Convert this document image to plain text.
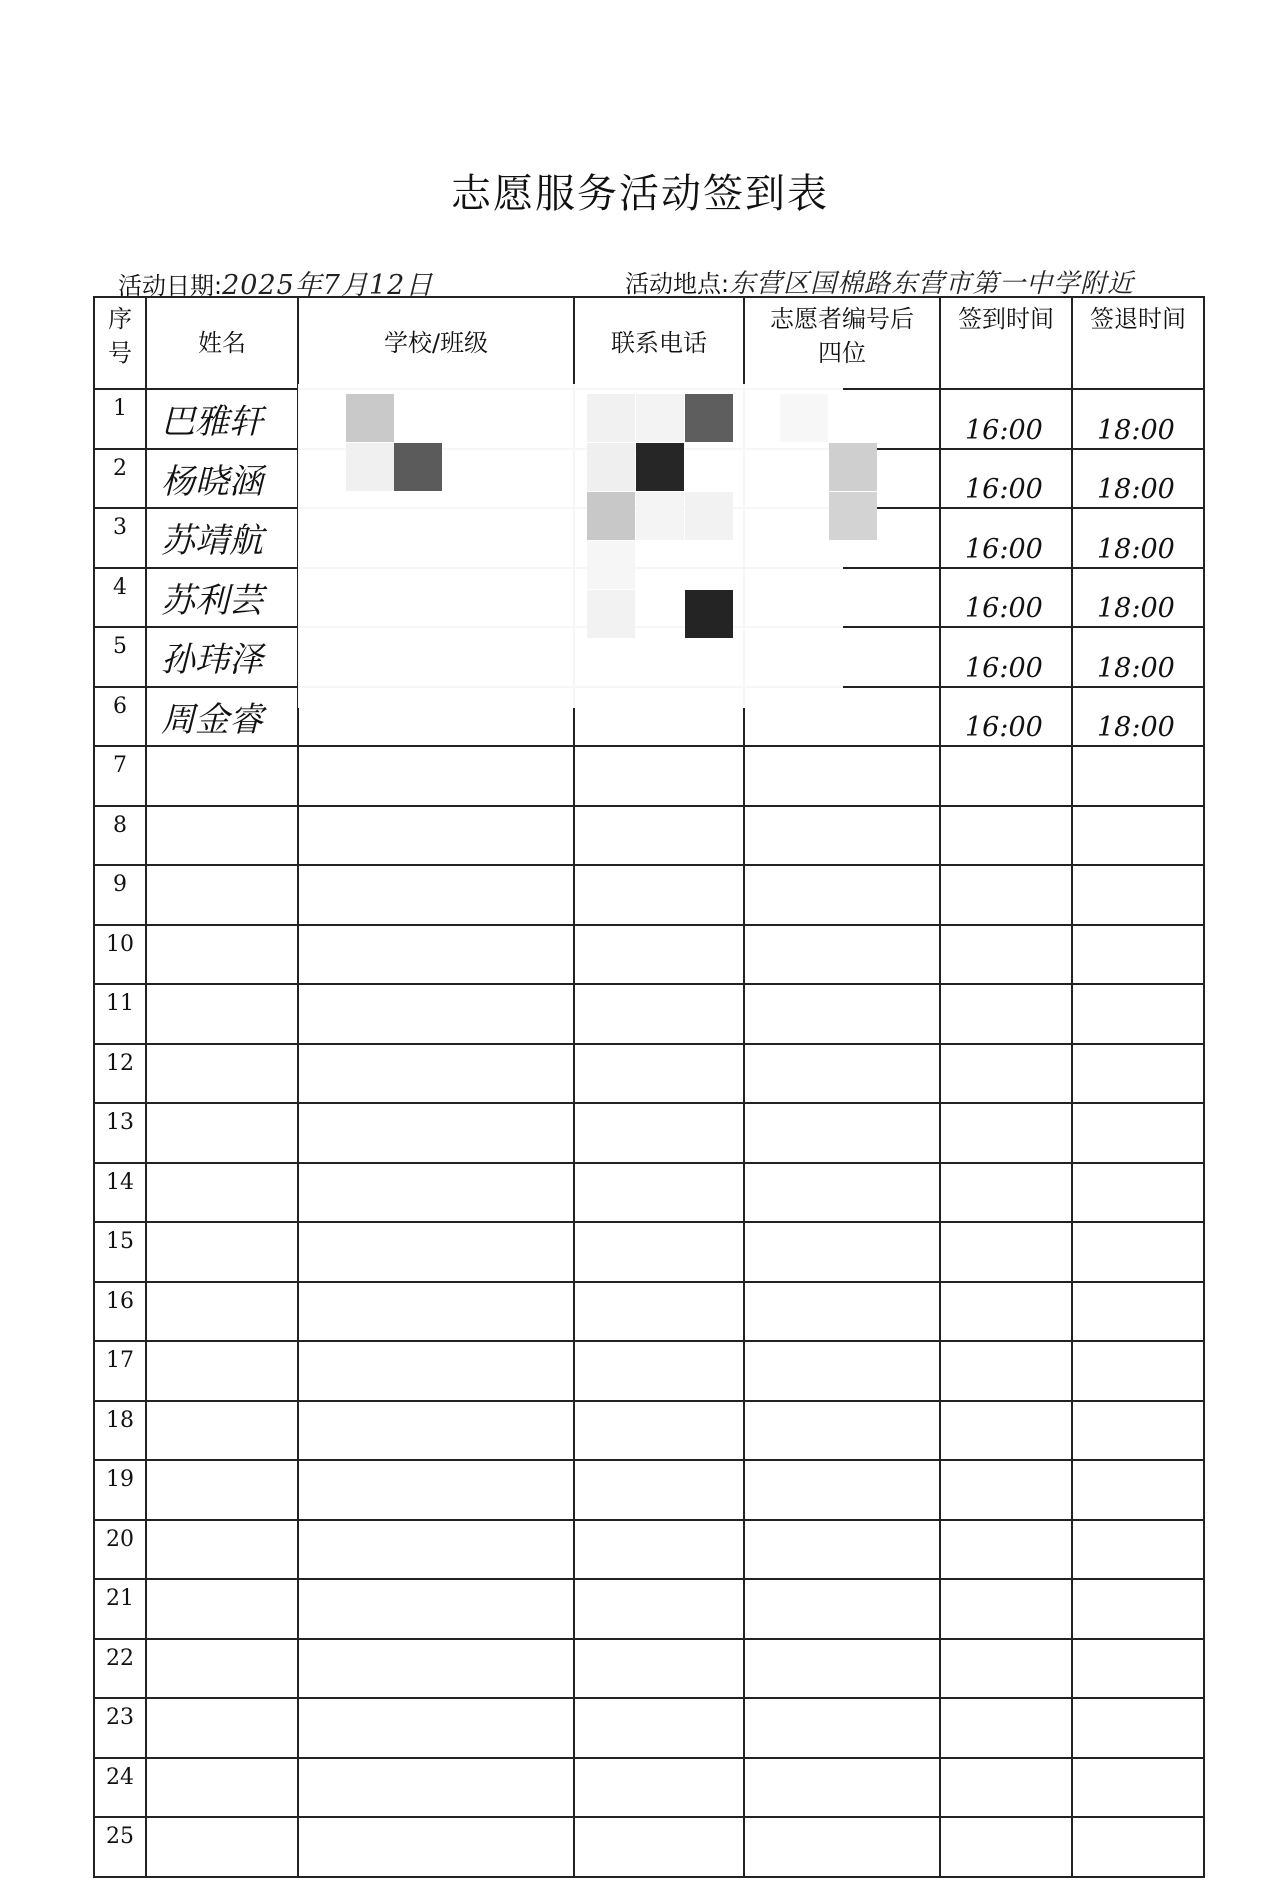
志愿服务活动签到表
活动日期:2025年7月12日	活动地点:东营区国棉路东营市第一中学附近
序号	姓名	学校/班级	联系电话	志愿者编号后四位	签到时间	签退时间
1	巴雅轩				16:00	18:00
2	杨晓涵				16:00	18:00
3	苏靖航				16:00	18:00
4	苏利芸				16:00	18:00
5	孙玮泽				16:00	18:00
6	周金睿				16:00	18:00
7						
8						
9						
10						
11						
12						
13						
14						
15						
16						
17						
18						
19						
20						
21						
22						
23						
24						
25						
